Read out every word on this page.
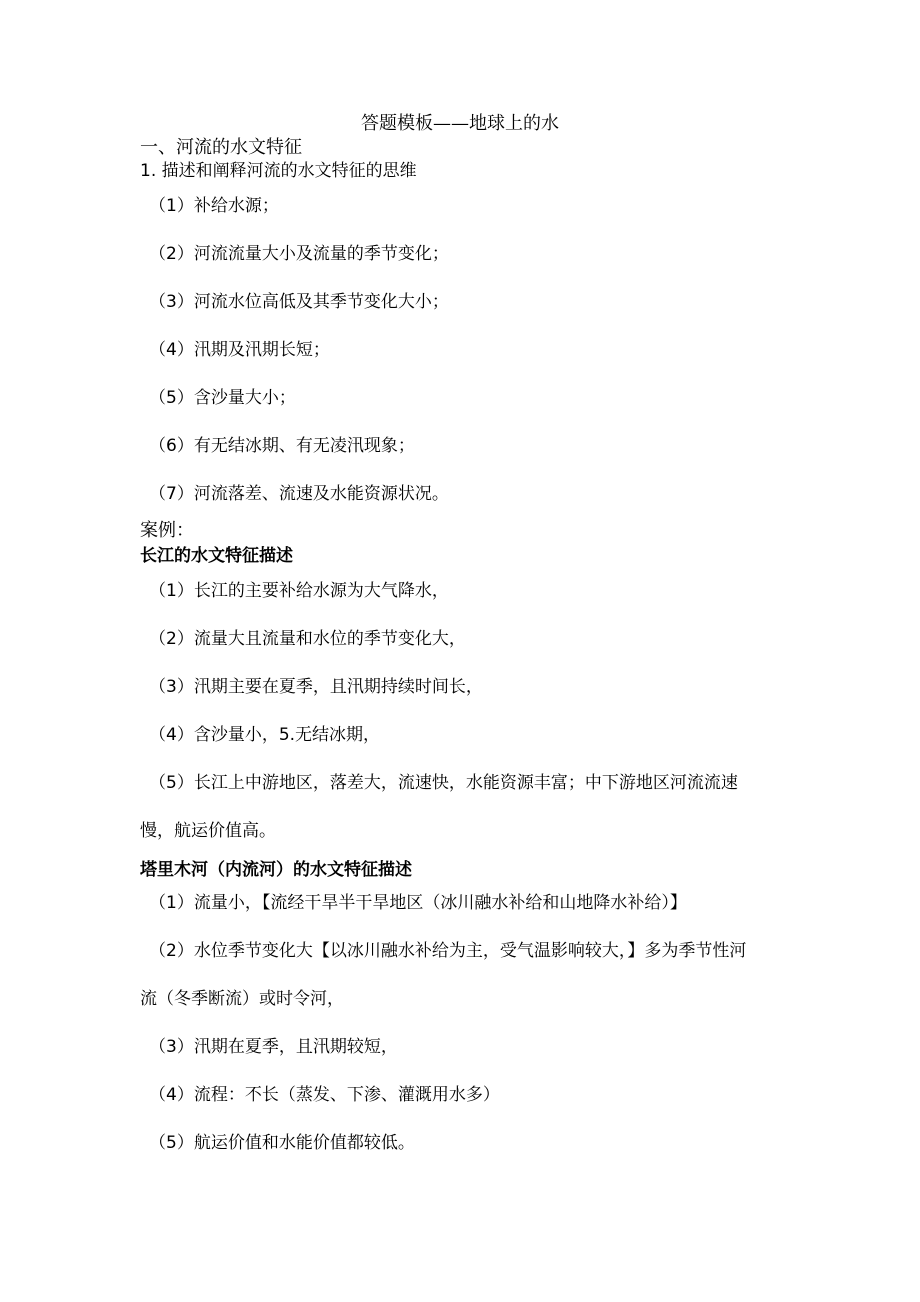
答题模板——地球上的水
一、河流的水文特征
1. 描述和阐释河流的水文特征的思维
（1）补给水源；
（2）河流流量大小及流量的季节变化；
（3）河流水位高低及其季节变化大小；
（4）汛期及汛期长短；
（5）含沙量大小；
（6）有无结冰期、有无凌汛现象；
（7）河流落差、流速及水能资源状况。
案例：
长江的水文特征描述
（1）长江的主要补给水源为大气降水，
（2）流量大且流量和水位的季节变化大，
（3）汛期主要在夏季，且汛期持续时间长，
（4）含沙量小，5.无结冰期，
（5）长江上中游地区，落差大，流速快，水能资源丰富；中下游地区河流流速
慢，航运价值高。
塔里木河（内流河）的水文特征描述
（1）流量小，【流经干旱半干旱地区（冰川融水补给和山地降水补给）】
（2）水位季节变化大【以冰川融水补给为主，受气温影响较大，】多为季节性河
流（冬季断流）或时令河，
（3）汛期在夏季，且汛期较短，
（4）流程：不长（蒸发、下渗、灌溉用水多）
（5）航运价值和水能价值都较低。
